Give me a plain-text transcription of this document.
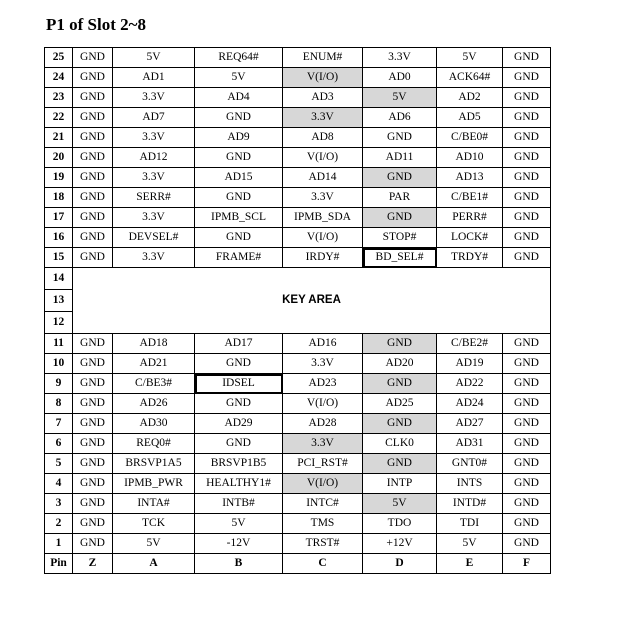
P1 of Slot 2~8
25	GND	5V	REQ64#	ENUM#	3.3V	5V	GND
24	GND	AD1	5V	V(I/O)	AD0	ACK64#	GND
23	GND	3.3V	AD4	AD3	5V	AD2	GND
22	GND	AD7	GND	3.3V	AD6	AD5	GND
21	GND	3.3V	AD9	AD8	GND	C/BE0#	GND
20	GND	AD12	GND	V(I/O)	AD11	AD10	GND
19	GND	3.3V	AD15	AD14	GND	AD13	GND
18	GND	SERR#	GND	3.3V	PAR	C/BE1#	GND
17	GND	3.3V	IPMB_SCL	IPMB_SDA	GND	PERR#	GND
16	GND	DEVSEL#	GND	V(I/O)	STOP#	LOCK#	GND
15	GND	3.3V	FRAME#	IRDY#	BD_SEL#	TRDY#	GND
14	KEY AREA						
13							
12							
11	GND	AD18	AD17	AD16	GND	C/BE2#	GND
10	GND	AD21	GND	3.3V	AD20	AD19	GND
9	GND	C/BE3#	IDSEL	AD23	GND	AD22	GND
8	GND	AD26	GND	V(I/O)	AD25	AD24	GND
7	GND	AD30	AD29	AD28	GND	AD27	GND
6	GND	REQ0#	GND	3.3V	CLK0	AD31	GND
5	GND	BRSVP1A5	BRSVP1B5	PCI_RST#	GND	GNT0#	GND
4	GND	IPMB_PWR	HEALTHY1#	V(I/O)	INTP	INTS	GND
3	GND	INTA#	INTB#	INTC#	5V	INTD#	GND
2	GND	TCK	5V	TMS	TDO	TDI	GND
1	GND	5V	-12V	TRST#	+12V	5V	GND
Pin	Z	A	B	C	D	E	F
